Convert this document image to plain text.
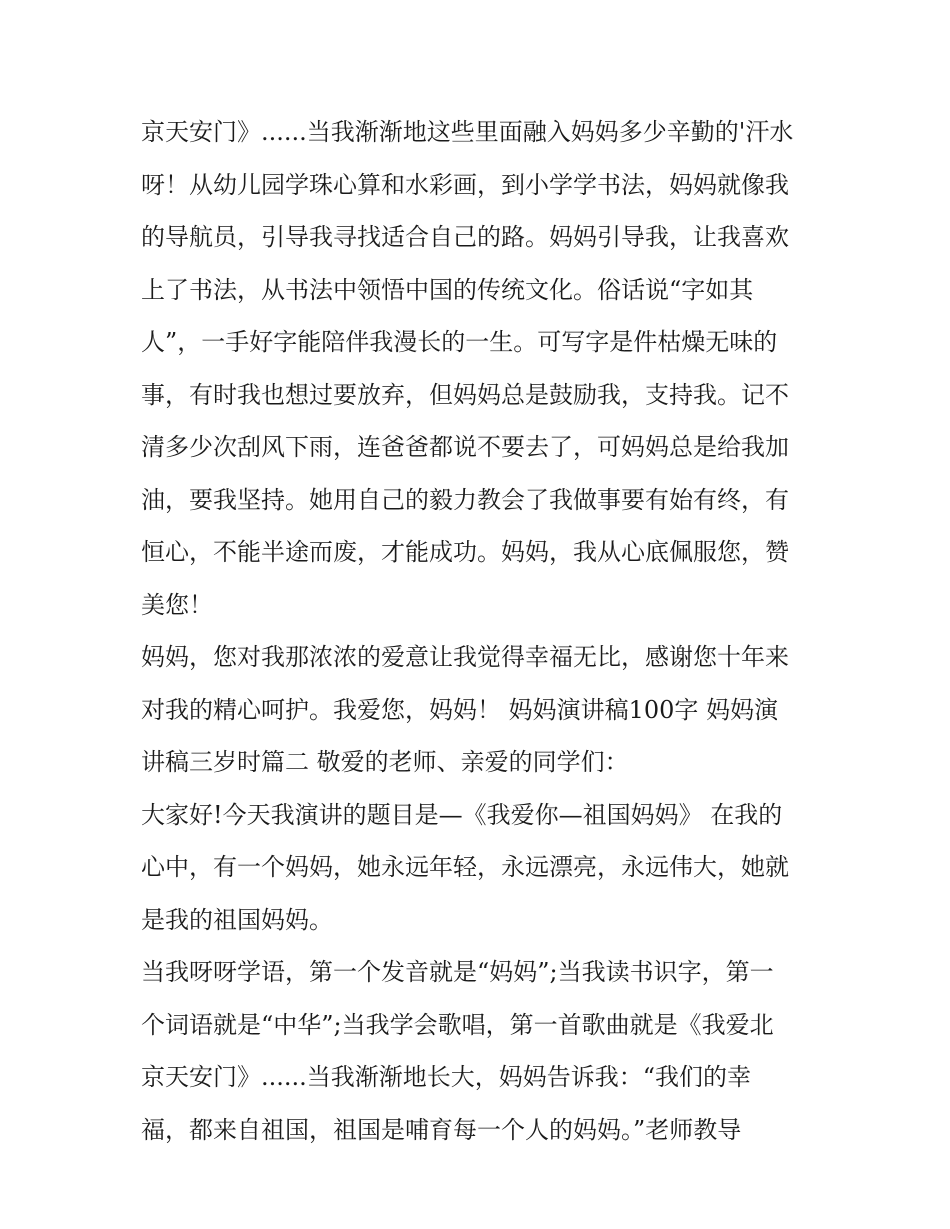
京天安门》......当我渐渐地这些里面融入妈妈多少辛勤的'汗水
呀！从幼儿园学珠心算和水彩画，到小学学书法，妈妈就像我
的导航员，引导我寻找适合自己的路。妈妈引导我，让我喜欢
上了书法，从书法中领悟中国的传统文化。俗话说“字如其
人”，一手好字能陪伴我漫长的一生。可写字是件枯燥无味的
事，有时我也想过要放弃，但妈妈总是鼓励我，支持我。记不
清多少次刮风下雨，连爸爸都说不要去了，可妈妈总是给我加
油，要我坚持。她用自己的毅力教会了我做事要有始有终，有
恒心，不能半途而废，才能成功。妈妈，我从心底佩服您，赞
美您！
妈妈，您对我那浓浓的爱意让我觉得幸福无比，感谢您十年来
对我的精心呵护。我爱您，妈妈！ 妈妈演讲稿100字 妈妈演
讲稿三岁时篇二 敬爱的老师、亲爱的同学们：
大家好!今天我演讲的题目是—《我爱你—祖国妈妈》 在我的
心中，有一个妈妈，她永远年轻，永远漂亮，永远伟大，她就
是我的祖国妈妈。
当我呀呀学语，第一个发音就是“妈妈”;当我读书识字，第一
个词语就是“中华”;当我学会歌唱，第一首歌曲就是《我爱北
京天安门》......当我渐渐地长大，妈妈告诉我：“我们的幸
福，都来自祖国，祖国是哺育每一个人的妈妈。”老师教导
